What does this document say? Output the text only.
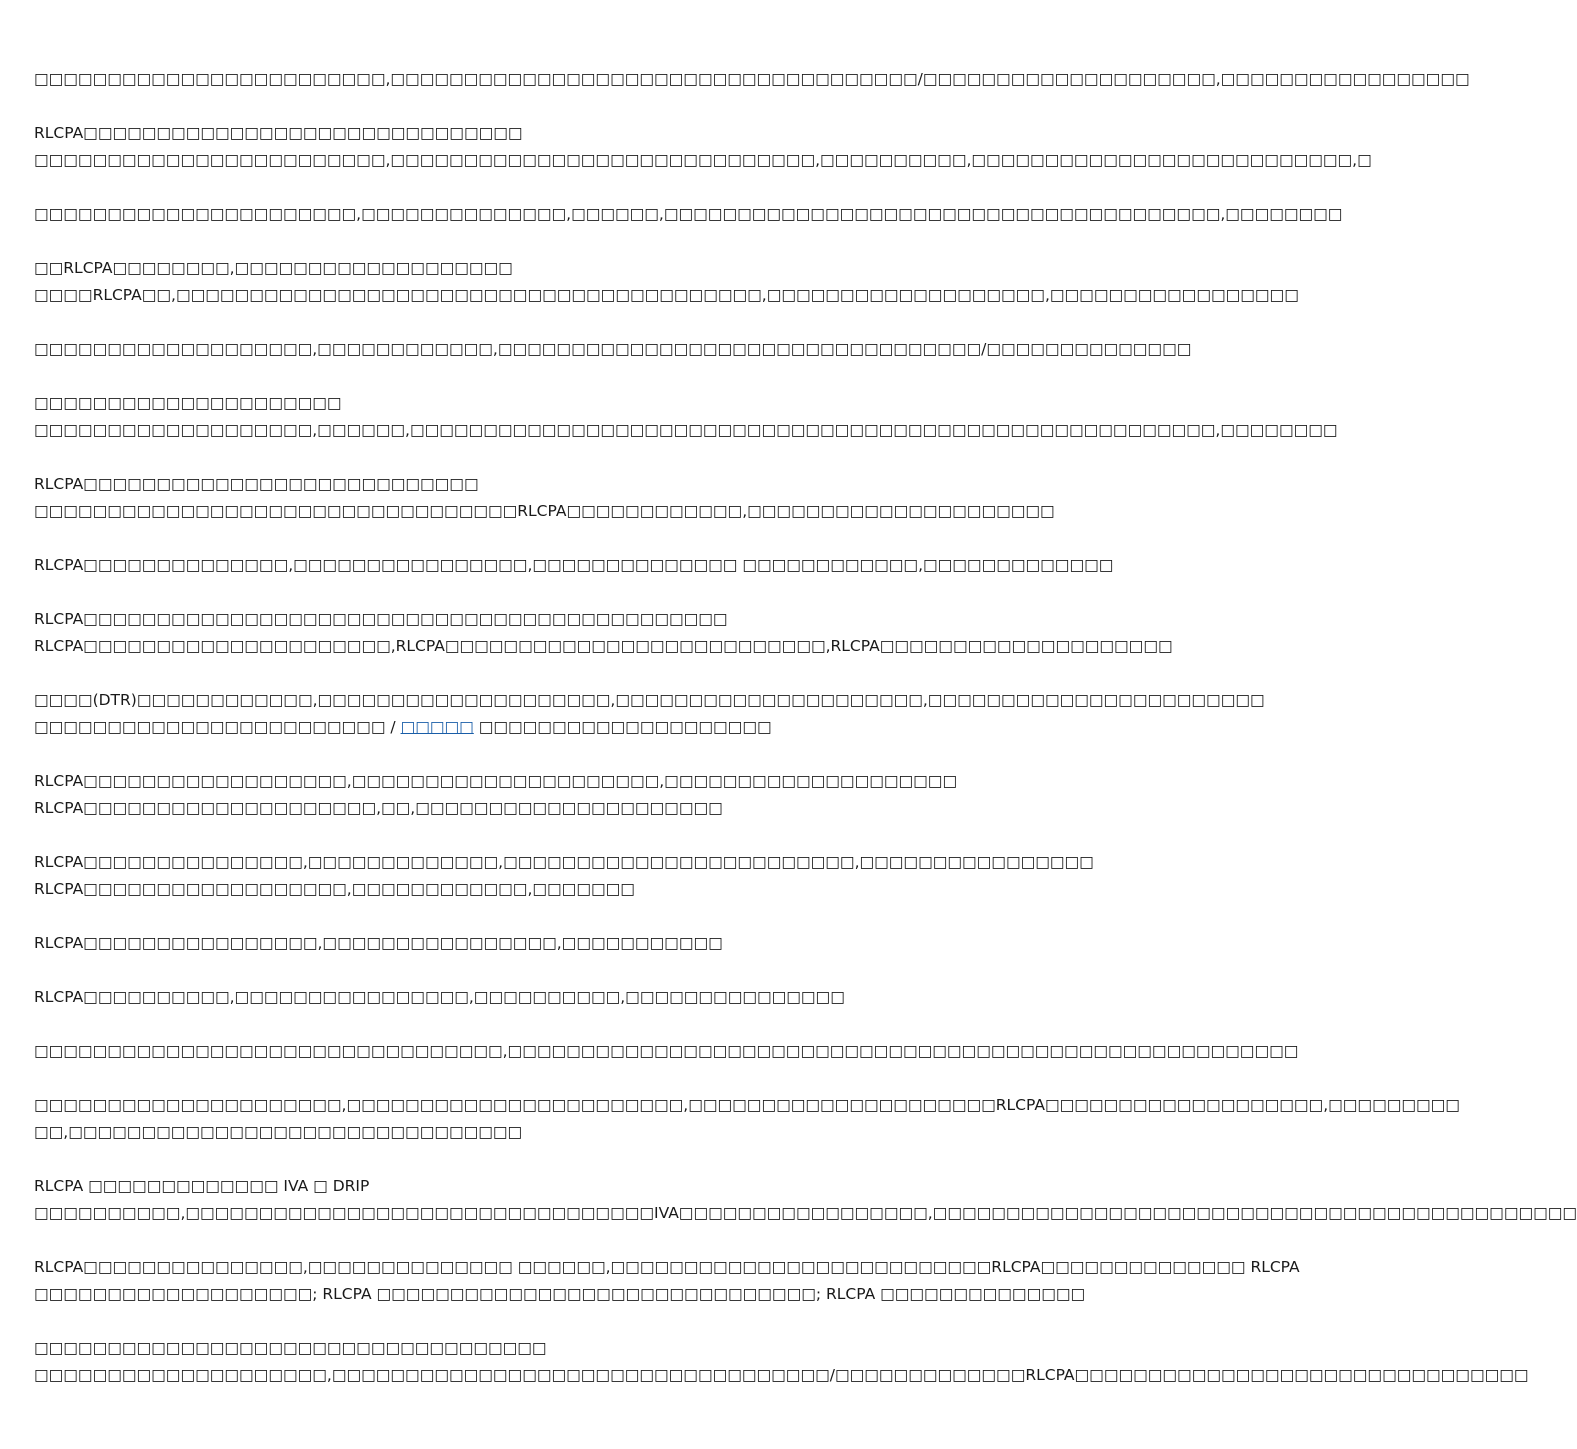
□□□□□□□□□□□□□□□□□□□□□□□□,□□□□□□□□□□□□□□□□□□□□□□□□□□□□□□□□□□□□/□□□□□□□□□□□□□□□□□□□□,□□□□□□□□□□□□□□□□□
RLCPA□□□□□□□□□□□□□□□□□□□□□□□□□□□□□□
□□□□□□□□□□□□□□□□□□□□□□□□,□□□□□□□□□□□□□□□□□□□□□□□□□□□□□,□□□□□□□□□□,□□□□□□□□□□□□□□□□□□□□□□□□□□,□
□□□□□□□□□□□□□□□□□□□□□□,□□□□□□□□□□□□□□,□□□□□□,□□□□□□□□□□□□□□□□□□□□□□□□□□□□□□□□□□□□□□,□□□□□□□□
□□RLCPA□□□□□□□□,□□□□□□□□□□□□□□□□□□□
□□□□RLCPA□□,□□□□□□□□□□□□□□□□□□□□□□□□□□□□□□□□□□□□□□□□,□□□□□□□□□□□□□□□□□□□,□□□□□□□□□□□□□□□□□
□□□□□□□□□□□□□□□□□□□,□□□□□□□□□□□□,□□□□□□□□□□□□□□□□□□□□□□□□□□□□□□□□□/□□□□□□□□□□□□□□
□□□□□□□□□□□□□□□□□□□□□
□□□□□□□□□□□□□□□□□□□,□□□□□□,□□□□□□□□□□□□□□□□□□□□□□□□□□□□□□□□□□□□□□□□□□□□□□□□□□□□□□□,□□□□□□□□
RLCPA□□□□□□□□□□□□□□□□□□□□□□□□□□□
□□□□□□□□□□□□□□□□□□□□□□□□□□□□□□□□□RLCPA□□□□□□□□□□□□,□□□□□□□□□□□□□□□□□□□□□
RLCPA□□□□□□□□□□□□□□,□□□□□□□□□□□□□□□□,□□□□□□□□□□□□□□ □□□□□□□□□□□□,□□□□□□□□□□□□□
RLCPA□□□□□□□□□□□□□□□□□□□□□□□□□□□□□□□□□□□□□□□□□□□□
RLCPA□□□□□□□□□□□□□□□□□□□□□,RLCPA□□□□□□□□□□□□□□□□□□□□□□□□□□,RLCPA□□□□□□□□□□□□□□□□□□□□
□□□□(DTR)□□□□□□□□□□□□,□□□□□□□□□□□□□□□□□□□□,□□□□□□□□□□□□□□□□□□□□□,□□□□□□□□□□□□□□□□□□□□□□□
□□□□□□□□□□□□□□□□□□□□□□□□ / □□□□□ □□□□□□□□□□□□□□□□□□□□
RLCPA□□□□□□□□□□□□□□□□□□,□□□□□□□□□□□□□□□□□□□□□,□□□□□□□□□□□□□□□□□□□□
RLCPA□□□□□□□□□□□□□□□□□□□□,□□,□□□□□□□□□□□□□□□□□□□□□
RLCPA□□□□□□□□□□□□□□□,□□□□□□□□□□□□□,□□□□□□□□□□□□□□□□□□□□□□□□,□□□□□□□□□□□□□□□□
RLCPA□□□□□□□□□□□□□□□□□□,□□□□□□□□□□□□,□□□□□□□
RLCPA□□□□□□□□□□□□□□□□,□□□□□□□□□□□□□□□□,□□□□□□□□□□□
RLCPA□□□□□□□□□□,□□□□□□□□□□□□□□□□,□□□□□□□□□□,□□□□□□□□□□□□□□□
□□□□□□□□□□□□□□□□□□□□□□□□□□□□□□□□,□□□□□□□□□□□□□□□□□□□□□□□□□□□□□□□□□□□□□□□□□□□□□□□□□□□□□□
□□□□□□□□□□□□□□□□□□□□□,□□□□□□□□□□□□□□□□□□□□□□□,□□□□□□□□□□□□□□□□□□□□□RLCPA□□□□□□□□□□□□□□□□□□□,□□□□□□□□□
□□,□□□□□□□□□□□□□□□□□□□□□□□□□□□□□□□
RLCPA □□□□□□□□□□□□□ IVA □ DRIP
□□□□□□□□□□,□□□□□□□□□□□□□□□□□□□□□□□□□□□□□□□□IVA□□□□□□□□□□□□□□□□□,□□□□□□□□□□□□□□□□□□□□□□□□□□□□□□□□□□□□□□□□□□□□
RLCPA□□□□□□□□□□□□□□□,□□□□□□□□□□□□□□ □□□□□□,□□□□□□□□□□□□□□□□□□□□□□□□□□RLCPA□□□□□□□□□□□□□□ RLCPA
□□□□□□□□□□□□□□□□□□□; RLCPA □□□□□□□□□□□□□□□□□□□□□□□□□□□□□□; RLCPA □□□□□□□□□□□□□□
□□□□□□□□□□□□□□□□□□□□□□□□□□□□□□□□□□□
□□□□□□□□□□□□□□□□□□□□,□□□□□□□□□□□□□□□□□□□□□□□□□□□□□□□□□□/□□□□□□□□□□□□□RLCPA□□□□□□□□□□□□□□□□□□□□□□□□□□□□□□□
